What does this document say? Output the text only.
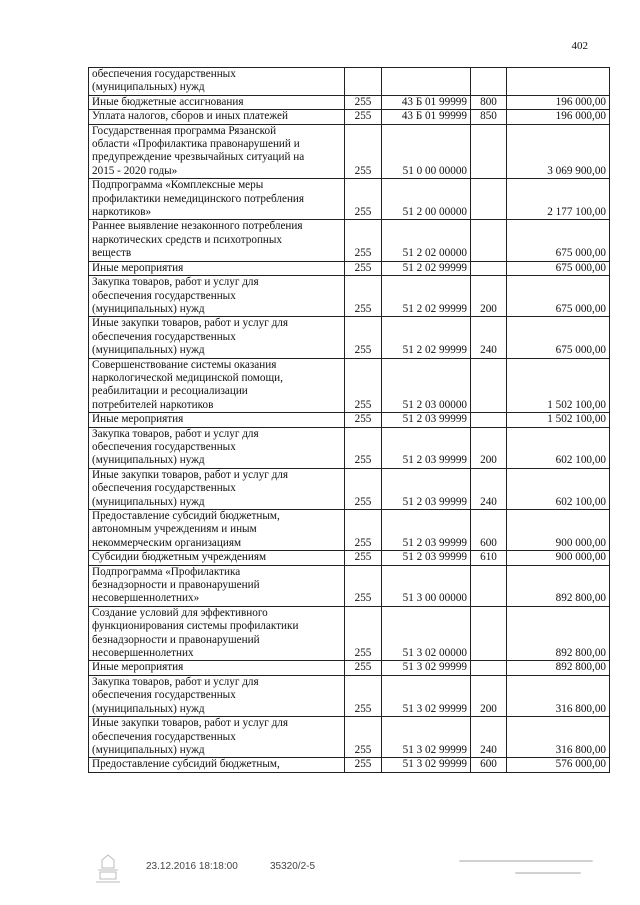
402
обеспечения государственных
(муниципальных) нужд				
Иные бюджетные ассигнования	255	43 Б 01 99999	800	196 000,00
Уплата налогов, сборов и иных платежей	255	43 Б 01 99999	850	196 000,00
Государственная программа Рязанской
области «Профилактика правонарушений и
предупреждение чрезвычайных ситуаций на
2015 - 2020 годы»	255	51 0 00 00000		3 069 900,00
Подпрограмма «Комплексные меры
профилактики немедицинского потребления
наркотиков»	255	51 2 00 00000		2 177 100,00
Раннее выявление незаконного потребления
наркотических средств и психотропных
веществ	255	51 2 02 00000		675 000,00
Иные мероприятия	255	51 2 02 99999		675 000,00
Закупка товаров, работ и услуг для
обеспечения государственных
(муниципальных) нужд	255	51 2 02 99999	200	675 000,00
Иные закупки товаров, работ и услуг для
обеспечения государственных
(муниципальных) нужд	255	51 2 02 99999	240	675 000,00
Совершенствование системы оказания
наркологической медицинской помощи,
реабилитации и ресоциализации
потребителей наркотиков	255	51 2 03 00000		1 502 100,00
Иные мероприятия	255	51 2 03 99999		1 502 100,00
Закупка товаров, работ и услуг для
обеспечения государственных
(муниципальных) нужд	255	51 2 03 99999	200	602 100,00
Иные закупки товаров, работ и услуг для
обеспечения государственных
(муниципальных) нужд	255	51 2 03 99999	240	602 100,00
Предоставление субсидий бюджетным,
автономным учреждениям и иным
некоммерческим организациям	255	51 2 03 99999	600	900 000,00
Субсидии бюджетным учреждениям	255	51 2 03 99999	610	900 000,00
Подпрограмма «Профилактика
безнадзорности и правонарушений
несовершеннолетних»	255	51 3 00 00000		892 800,00
Создание условий для эффективного
функционирования системы профилактики
безнадзорности и правонарушений
несовершеннолетних	255	51 3 02 00000		892 800,00
Иные мероприятия	255	51 3 02 99999		892 800,00
Закупка товаров, работ и услуг для
обеспечения государственных
(муниципальных) нужд	255	51 3 02 99999	200	316 800,00
Иные закупки товаров, работ и услуг для
обеспечения государственных
(муниципальных) нужд	255	51 3 02 99999	240	316 800,00
Предоставление субсидий бюджетным,	255	51 3 02 99999	600	576 000,00
23.12.2016 18:18:00	35320/2-5
